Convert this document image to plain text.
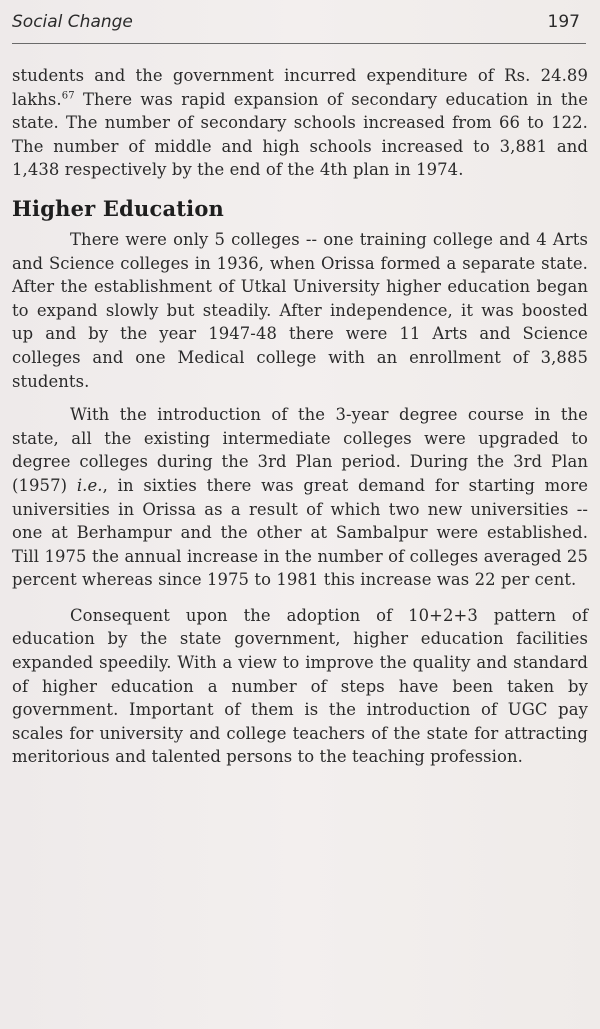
Social Change	197

students and the government incurred expenditure of Rs. 24.89 lakhs.$^{67}$ There was rapid expansion of secondary education in the state. The number of secondary schools increased from 66 to 122. The number of middle and high schools increased to 3,881 and 1,438 respectively by the end of the 4th plan in 1974.

Higher Education

There were only 5 colleges -- one training college and 4 Arts and Science colleges in 1936, when Orissa formed a separate state. After the establishment of Utkal University higher education began to expand slowly but steadily. After independence, it was boosted up and by the year 1947-48 there were 11 Arts and Science colleges and one Medical college with an enrollment of 3,885 students.

With the introduction of the 3-year degree course in the state, all the existing intermediate colleges were upgraded to degree colleges during the 3rd Plan period. During the 3rd Plan (1957) i.e., in sixties there was great demand for starting more universities in Orissa as a result of which two new universities -- one at Berhampur and the other at Sambalpur were established. Till 1975 the annual increase in the number of colleges averaged 25 percent whereas since 1975 to 1981 this increase was 22 per cent.

Consequent upon the adoption of 10+2+3 pattern of education by the state government, higher education facilities expanded speedily. With a view to improve the quality and standard of higher education a number of steps have been taken by government. Important of them is the introduction of UGC pay scales for university and college teachers of the state for attracting meritorious and talented persons to the teaching profession.
